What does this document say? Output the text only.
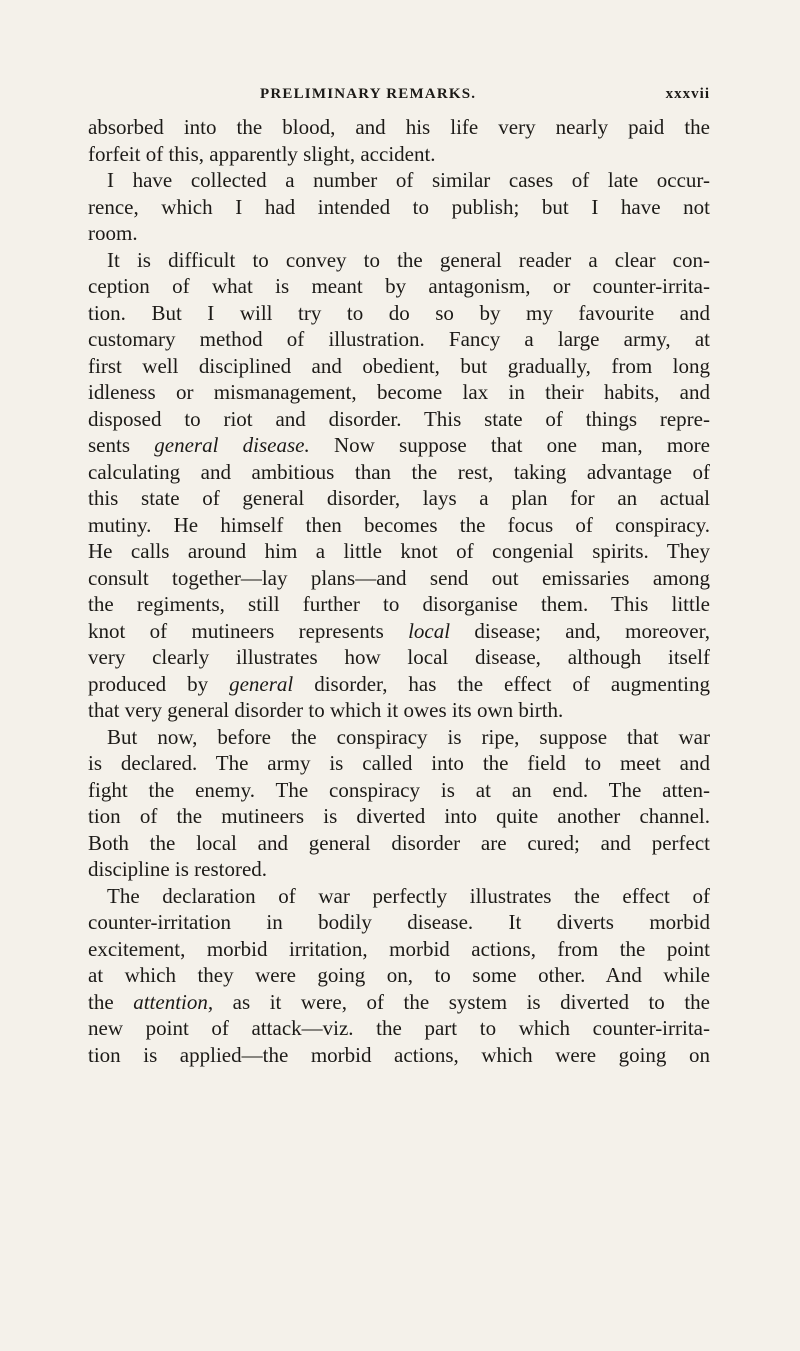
PRELIMINARY REMARKS.	xxxvii
absorbed into the blood, and his life very nearly paid the
forfeit of this, apparently slight, accident.
I have collected a number of similar cases of late occur-
rence, which I had intended to publish; but I have not
room.
It is difficult to convey to the general reader a clear con-
ception of what is meant by antagonism, or counter-irrita-
tion. But I will try to do so by my favourite and
customary method of illustration. Fancy a large army, at
first well disciplined and obedient, but gradually, from long
idleness or mismanagement, become lax in their habits, and
disposed to riot and disorder. This state of things repre-
sents general disease. Now suppose that one man, more
calculating and ambitious than the rest, taking advantage of
this state of general disorder, lays a plan for an actual
mutiny. He himself then becomes the focus of conspiracy.
He calls around him a little knot of congenial spirits. They
consult together—lay plans—and send out emissaries among
the regiments, still further to disorganise them. This little
knot of mutineers represents local disease; and, moreover,
very clearly illustrates how local disease, although itself
produced by general disorder, has the effect of augmenting
that very general disorder to which it owes its own birth.
But now, before the conspiracy is ripe, suppose that war
is declared. The army is called into the field to meet and
fight the enemy. The conspiracy is at an end. The atten-
tion of the mutineers is diverted into quite another channel.
Both the local and general disorder are cured; and perfect
discipline is restored.
The declaration of war perfectly illustrates the effect of
counter-irritation in bodily disease. It diverts morbid
excitement, morbid irritation, morbid actions, from the point
at which they were going on, to some other. And while
the attention, as it were, of the system is diverted to the
new point of attack—viz. the part to which counter-irrita-
tion is applied—the morbid actions, which were going on
